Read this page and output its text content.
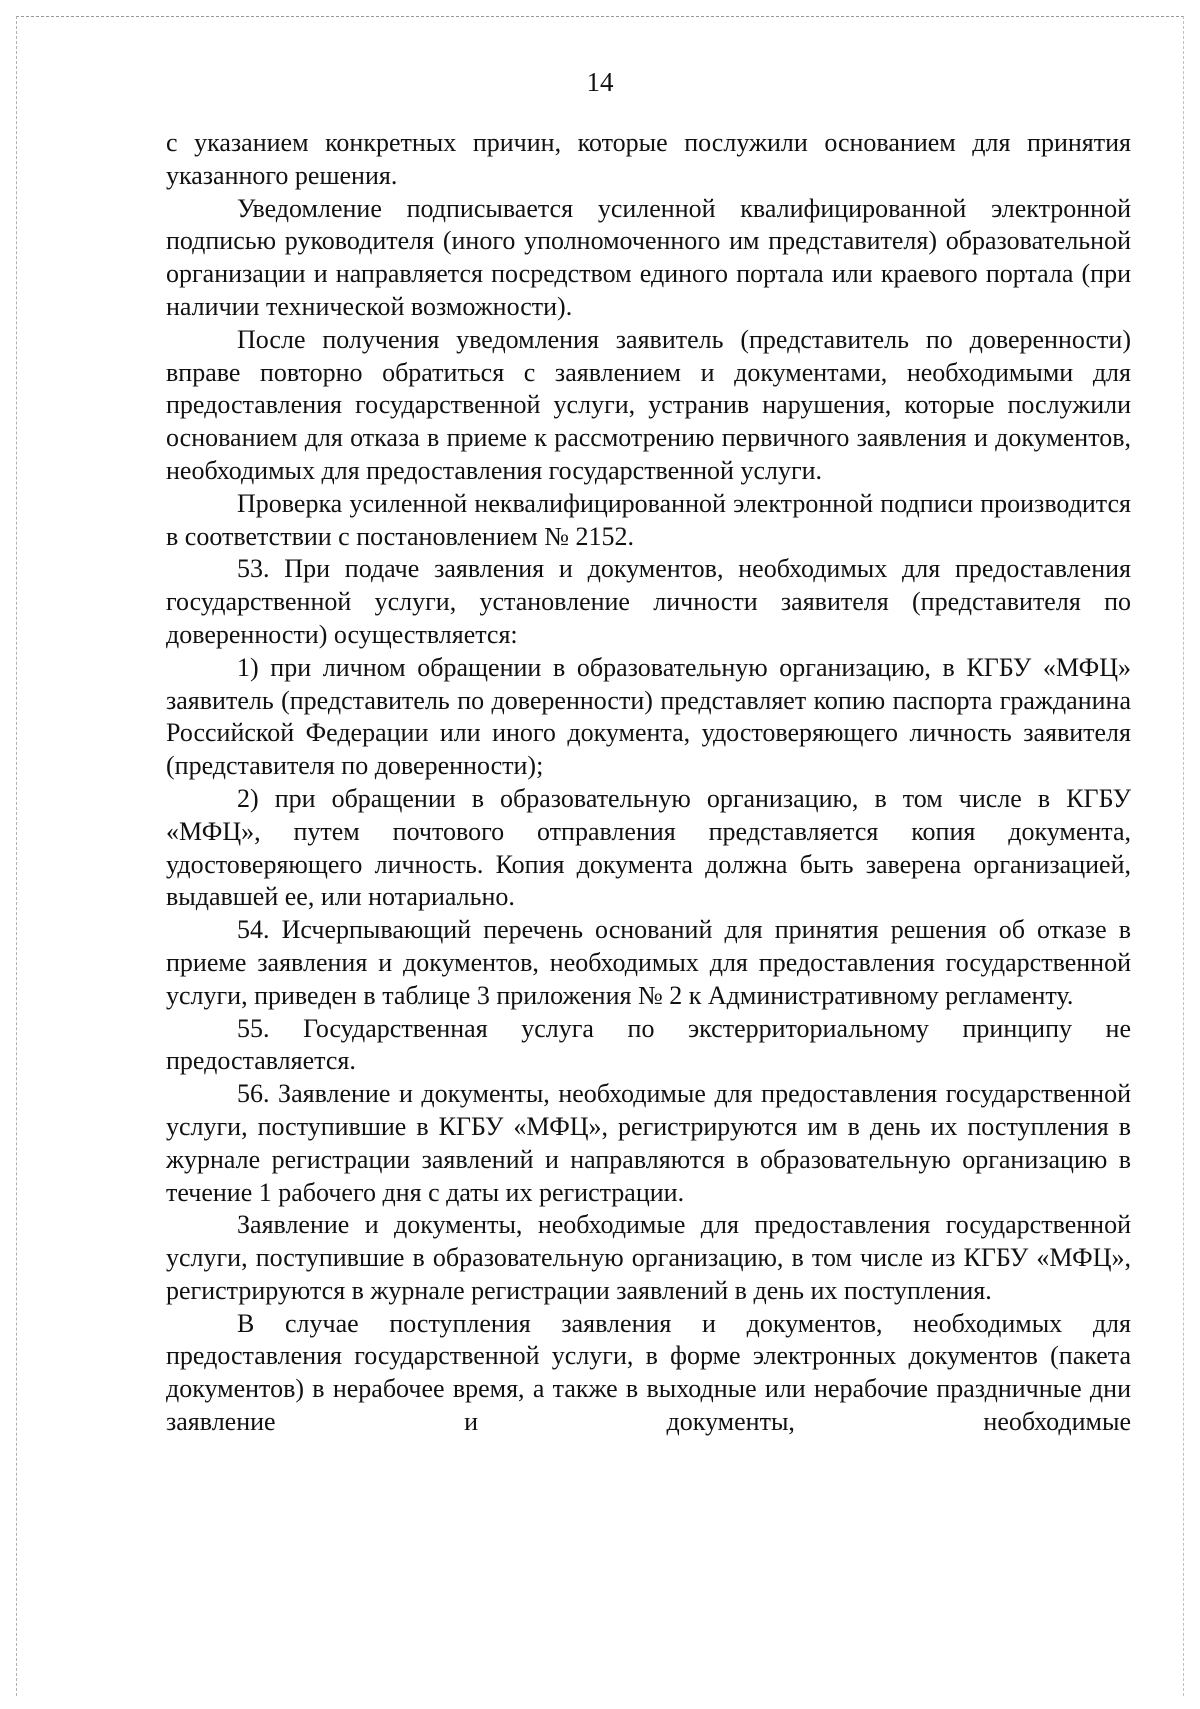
14

с указанием конкретных причин, которые послужили основанием для принятия указанного решения.

Уведомление подписывается усиленной квалифицированной электронной подписью руководителя (иного уполномоченного им представителя) образовательной организации и направляется посредством единого портала или краевого портала (при наличии технической возможности).

После получения уведомления заявитель (представитель по доверенности) вправе повторно обратиться с заявлением и документами, необходимыми для предоставления государственной услуги, устранив нарушения, которые послужили основанием для отказа в приеме к рассмотрению первичного заявления и документов, необходимых для предоставления государственной услуги.

Проверка усиленной неквалифицированной электронной подписи производится в соответствии с постановлением № 2152.

53. При подаче заявления и документов, необходимых для предоставления государственной услуги, установление личности заявителя (представителя по доверенности) осуществляется:

1) при личном обращении в образовательную организацию, в КГБУ «МФЦ» заявитель (представитель по доверенности) представляет копию паспорта гражданина Российской Федерации или иного документа, удостоверяющего личность заявителя (представителя по доверенности);

2) при обращении в образовательную организацию, в том числе в КГБУ «МФЦ», путем почтового отправления представляется копия документа, удостоверяющего личность. Копия документа должна быть заверена организацией, выдавшей ее, или нотариально.

54. Исчерпывающий перечень оснований для принятия решения об отказе в приеме заявления и документов, необходимых для предоставления государственной услуги, приведен в таблице 3 приложения № 2 к Административному регламенту.

55. Государственная услуга по экстерриториальному принципу не предоставляется.

56. Заявление и документы, необходимые для предоставления государственной услуги, поступившие в КГБУ «МФЦ», регистрируются им в день их поступления в журнале регистрации заявлений и направляются в образовательную организацию в течение 1 рабочего дня с даты их регистрации.

Заявление и документы, необходимые для предоставления государственной услуги, поступившие в образовательную организацию, в том числе из КГБУ «МФЦ», регистрируются в журнале регистрации заявлений в день их поступления.

В случае поступления заявления и документов, необходимых для предоставления государственной услуги, в форме электронных документов (пакета документов) в нерабочее время, а также в выходные или нерабочие праздничные дни заявление и документы, необходимые
